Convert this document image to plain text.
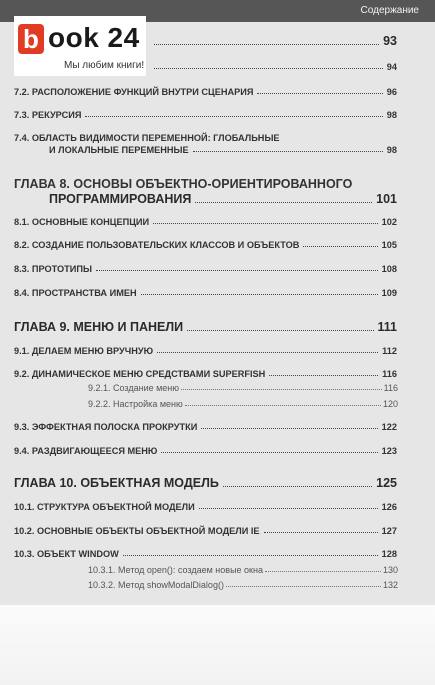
Содержание
93
94
7.2. РАСПОЛОЖЕНИЕ ФУНКЦИЙ ВНУТРИ СЦЕНАРИЯ	96
7.3. РЕКУРСИЯ	98
7.4. ОБЛАСТЬ ВИДИМОСТИ ПЕРЕМЕННОЙ: ГЛОБАЛЬНЫЕ
И ЛОКАЛЬНЫЕ ПЕРЕМЕННЫЕ	98
ГЛАВА 8. ОСНОВЫ ОБЪЕКТНО-ОРИЕНТИРОВАННОГО
ПРОГРАММИРОВАНИЯ	101
8.1. ОСНОВНЫЕ КОНЦЕПЦИИ	102
8.2. СОЗДАНИЕ ПОЛЬЗОВАТЕЛЬСКИХ КЛАССОВ И ОБЪЕКТОВ	105
8.3. ПРОТОТИПЫ	108
8.4. ПРОСТРАНСТВА ИМЕН	109
ГЛАВА 9. МЕНЮ И ПАНЕЛИ	111
9.1. ДЕЛАЕМ МЕНЮ ВРУЧНУЮ	112
9.2. ДИНАМИЧЕСКОЕ МЕНЮ СРЕДСТВАМИ SUPERFISH	116
9.2.1. Создание меню	116
9.2.2. Настройка меню	120
9.3. ЭФФЕКТНАЯ ПОЛОСКА ПРОКРУТКИ	122
9.4. РАЗДВИГАЮЩЕЕСЯ МЕНЮ	123
ГЛАВА 10. ОБЪЕКТНАЯ МОДЕЛЬ	125
10.1. СТРУКТУРА ОБЪЕКТНОЙ МОДЕЛИ	126
10.2. ОСНОВНЫЕ ОБЪЕКТЫ ОБЪЕКТНОЙ МОДЕЛИ IE	127
10.3. ОБЪЕКТ WINDOW	128
10.3.1. Метод open(): создаем новые окна	130
10.3.2. Метод showModalDialog()	132
b ook 24
Мы любим книги!
